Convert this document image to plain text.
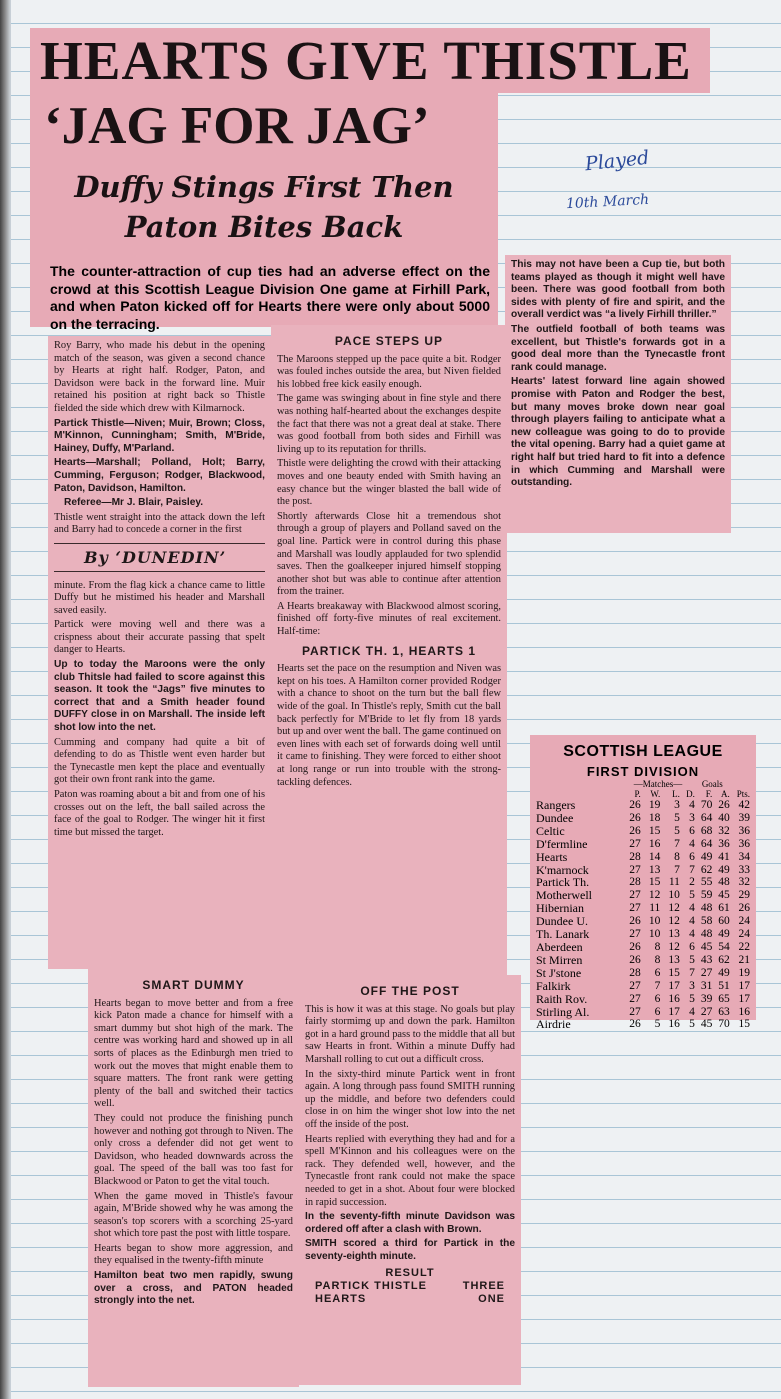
HEARTS GIVE THISTLE
‘JAG FOR JAG’
Duffy Stings First Then
Paton Bites Back
The counter-attraction of cup ties had an adverse effect on the crowd at this Scottish League Division One game at Firhill Park, and when Paton kicked off for Hearts there were only about 5000 on the terracing.
Played
10th March

Roy Barry, who made his debut in the opening match of the season, was given a second chance by Hearts at right half. Rodger, Paton, and Davidson were back in the forward line. Muir retained his position at right back so Thistle fielded the side which drew with Kilmarnock.

Partick Thistle—Niven; Muir, Brown; Closs, M'Kinnon, Cunningham; Smith, M'Bride, Hainey, Duffy, M'Parland.

Hearts—Marshall; Polland, Holt; Barry, Cumming, Ferguson; Rodger, Blackwood, Paton, Davidson, Hamilton.

Referee—Mr J. Blair, Paisley.

Thistle went straight into the attack down the left and Barry had to concede a corner in the first

By ‘DUNEDIN’

minute. From the flag kick a chance came to little Duffy but he mistimed his header and Marshall saved easily.

Partick were moving well and there was a crispness about their accurate passing that spelt danger to Hearts.

Up to today the Maroons were the only club Thitsle had failed to score against this season. It took the “Jags” five minutes to correct that and a Smith header found DUFFY close in on Marshall. The inside left shot low into the net.

Cumming and company had quite a bit of defending to do as Thistle went even harder but the Tynecastle men kept the place and eventually got their own front rank into the game.

Paton was roaming about a bit and from one of his crosses out on the left, the ball sailed across the face of the goal to Rodger. The winger hit it first time but missed the target.

SMART DUMMY

Hearts began to move better and from a free kick Paton made a chance for himself with a smart dummy but shot high of the mark. The centre was working hard and showed up in all sorts of places as the Edinburgh men tried to work out the moves that might enable them to square matters. The front rank were getting plenty of the ball and switched their tactics well.

They could not produce the finishing punch however and nothing got through to Niven. The only cross a defender did not get went to Davidson, who headed downwards across the goal. The speed of the ball was too fast for Blackwood or Paton to get the vital touch.

When the game moved in Thistle's favour again, M'Bride showed why he was among the season's top scorers with a scorching 25-yard shot which tore past the post with little tospare.

Hearts began to show more aggression, and they equalised in the twenty-fifth minute

Hamilton beat two men rapidly, swung over a cross, and PATON headed strongly into the net.

PACE STEPS UP

The Maroons stepped up the pace quite a bit. Rodger was fouled inches outside the area, but Niven fielded his lobbed free kick easily enough.

The game was swinging about in fine style and there was nothing half-hearted about the exchanges despite the fact that there was not a great deal at stake. There was good football from both sides and Firhill was living up to its reputation for thrills.

Thistle were delighting the crowd with their attacking moves and one beauty ended with Smith having an easy chance but the winger blasted the ball wide of the post.

Shortly afterwards Close hit a tremendous shot through a group of players and Polland saved on the goal line. Partick were in control during this phase and Marshall was loudly applauded for two splendid saves. Then the goalkeeper injured himself stopping another shot but was able to continue after attention from the trainer.

A Hearts breakaway with Blackwood almost scoring, finished off forty-five minutes of real excitement. Half-time:

PARTICK TH. 1, HEARTS 1

Hearts set the pace on the resumption and Niven was kept on his toes. A Hamilton corner provided Rodger with a chance to shoot on the turn but the ball flew wide of the goal. In Thistle's reply, Smith cut the ball back perfectly for M'Bride to let fly from 18 yards but up and over went the ball. The game continued on even lines with each set of forwards doing well until it came to finishing. They were forced to either shoot at long range or run into trouble with the strong-tackling defences.

OFF THE POST

This is how it was at this stage. No goals but play fairly stormimg up and down the park. Hamilton got in a hard ground pass to the middle that all but saw Hearts in front. Within a minute Duffy had Marshall rolling to cut out a difficult cross.

In the sixty-third minute Partick went in front again. A long through pass found SMITH running up the middle, and before two defenders could close in on him the winger shot low into the net off the inside of the post.

Hearts replied with everything they had and for a spell M'Kinnon and his colleagues were on the rack. They defended well, however, and the Tynecastle front rank could not make the space needed to get in a shot. About four were blocked in rapid succession.

In the seventy-fifth minute Davidson was ordered off after a clash with Brown.

SMITH scored a third for Partick in the seventy-eighth minute.

RESULT
PARTICK THISTLE	THREE
HEARTS	ONE

This may not have been a Cup tie, but both teams played as though it might well have been. There was good football from both sides with plenty of fire and spirit, and the overall verdict was “a lively Firhill thriller.”

The outfield football of both teams was excellent, but Thistle's forwards got in a good deal more than the Tynecastle front rank could manage.

Hearts' latest forward line again showed promise with Paton and Rodger the best, but many moves broke down near goal through players failing to anticipate what a new colleague was going to do to provide the vital opening. Barry had a quiet game at right half but tried hard to fit into a defence in which Cumming and Marshall were outstanding.

SCOTTISH LEAGUE
FIRST DIVISION
	—Matches—				Goals		
	P.	W.	L.	D.	F.	A.	Pts.
Rangers	26	19	3	4	70	26	42
Dundee	26	18	5	3	64	40	39
Celtic	26	15	5	6	68	32	36
D'fermline	27	16	7	4	64	36	36
Hearts	28	14	8	6	49	41	34
K'marnock	27	13	7	7	62	49	33
Partick Th.	28	15	11	2	55	48	32
Motherwell	27	12	10	5	59	45	29
Hibernian	27	11	12	4	48	61	26
Dundee U.	26	10	12	4	58	60	24
Th. Lanark	27	10	13	4	48	49	24
Aberdeen	26	8	12	6	45	54	22
St Mirren	26	8	13	5	43	62	21
St J'stone	28	6	15	7	27	49	19
Falkirk	27	7	17	3	31	51	17
Raith Rov.	27	6	16	5	39	65	17
Stirling Al.	27	6	17	4	27	63	16
Airdrie	26	5	16	5	45	70	15
